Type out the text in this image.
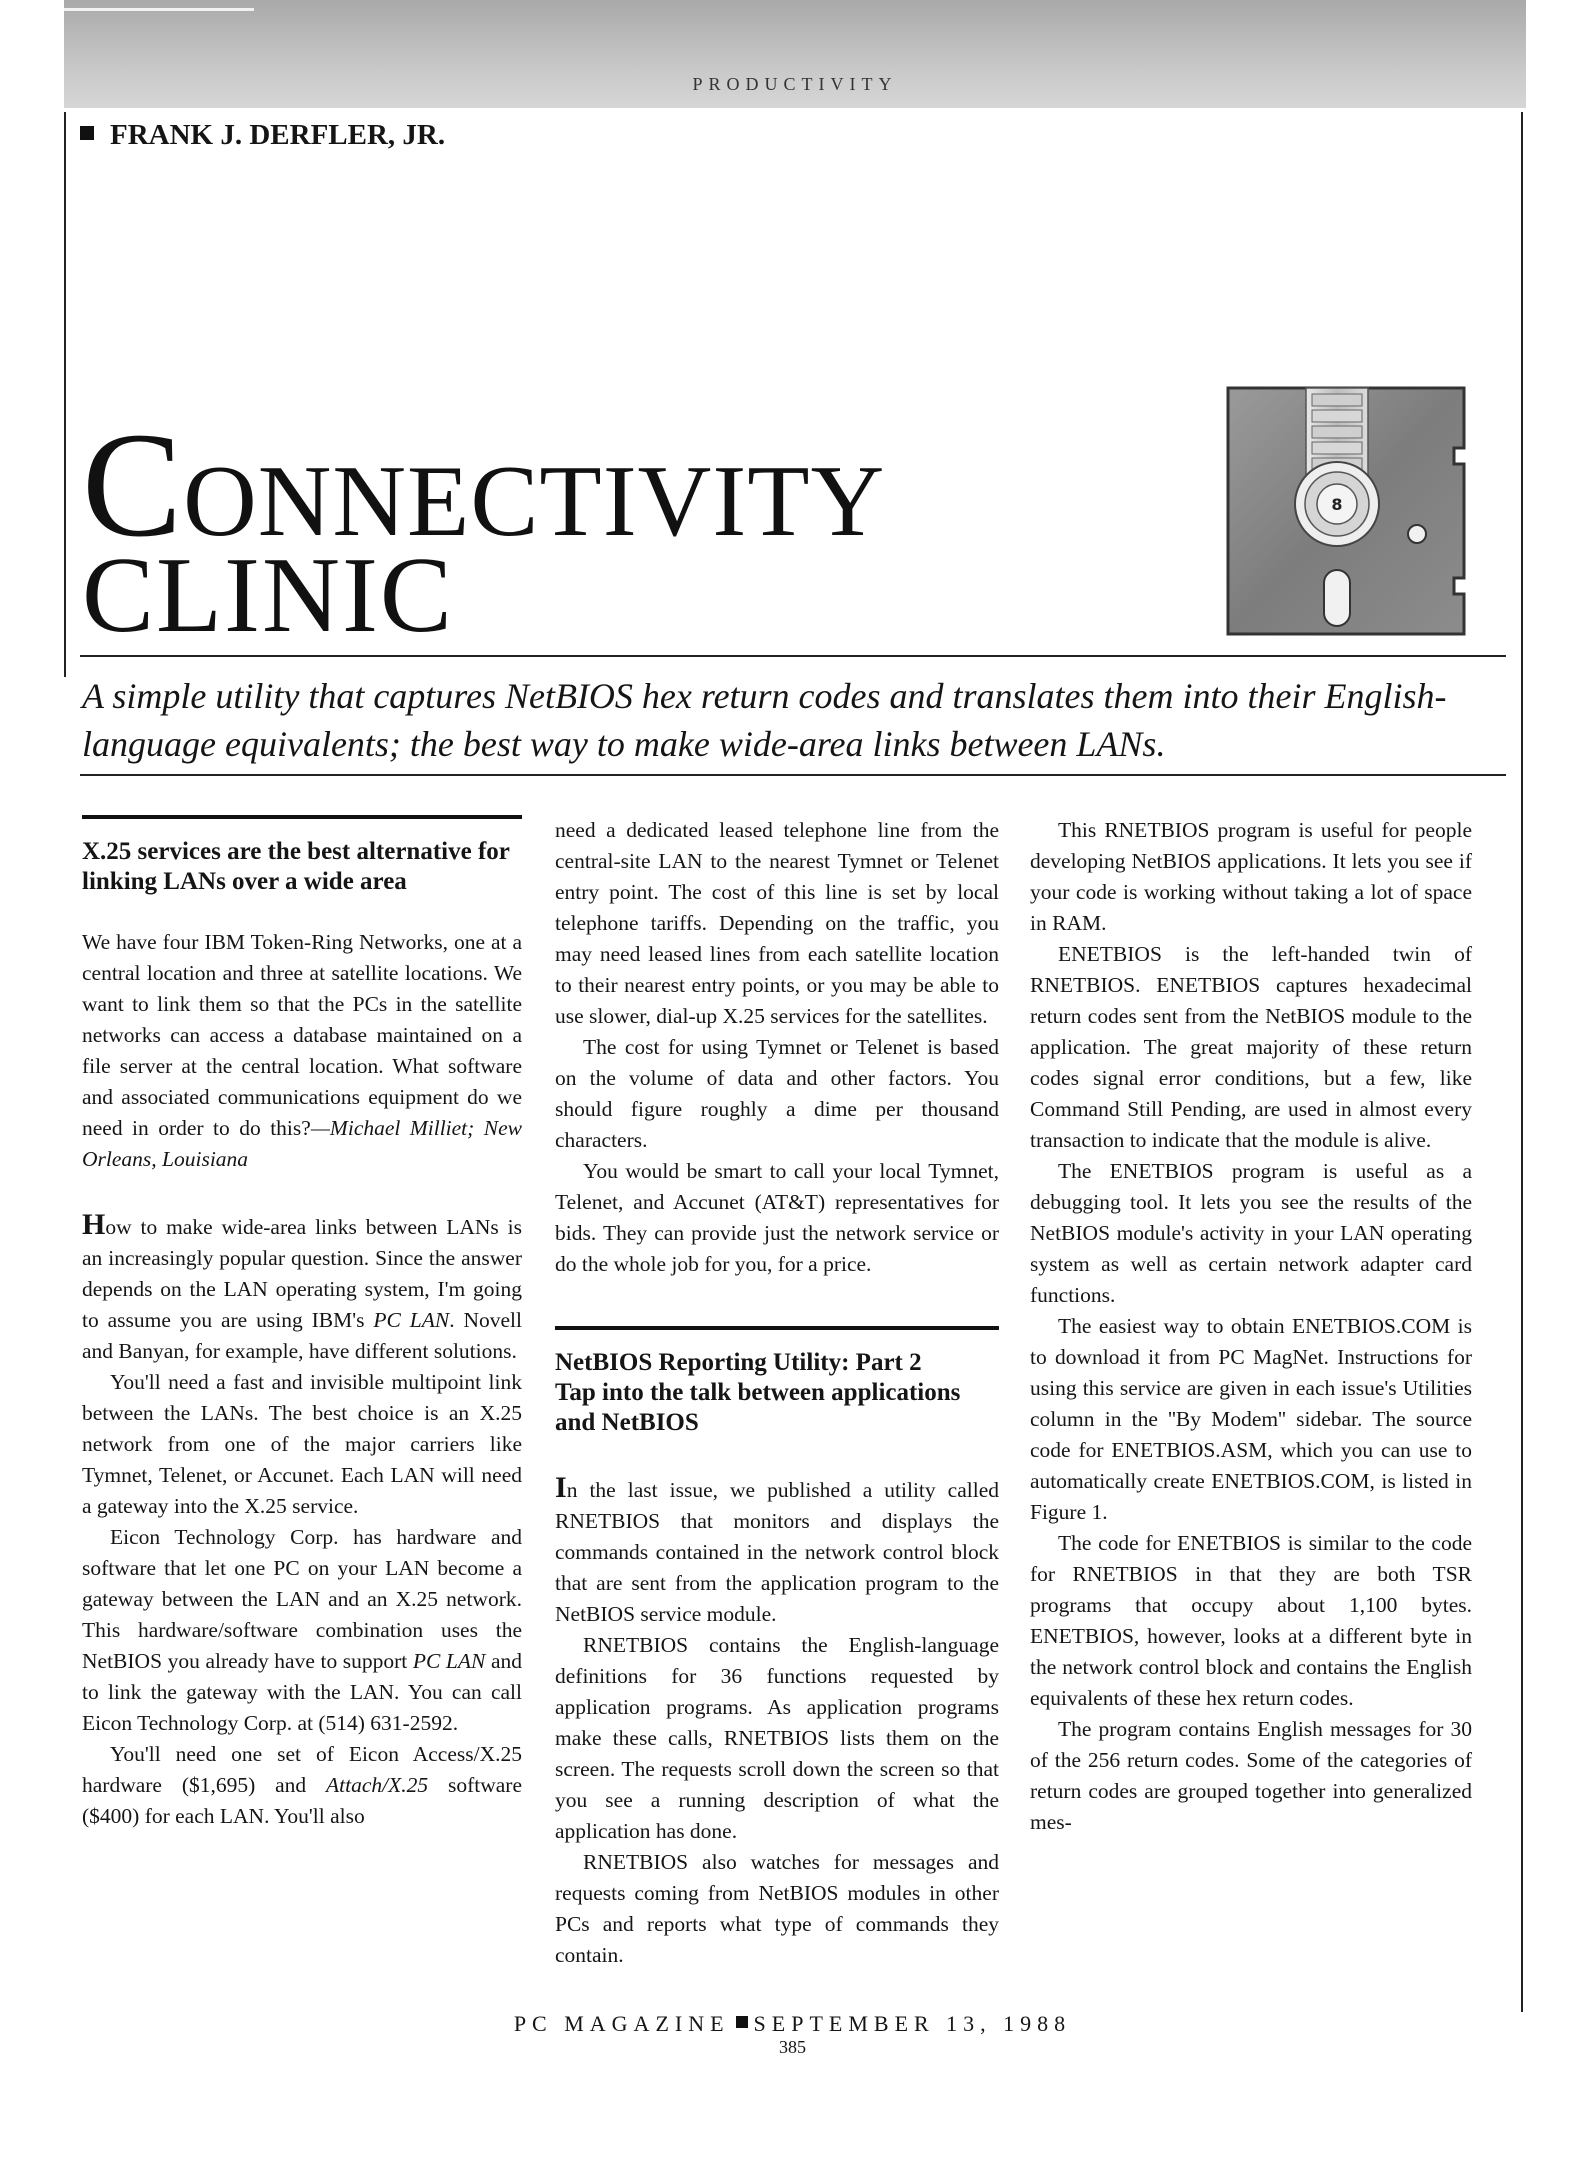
PRODUCTIVITY
FRANK J. DERFLER, JR.
CONNECTIVITY
CLINIC
8
A simple utility that captures NetBIOS hex return codes and translates them into their English-language equivalents; the best way to make wide-area links between LANs.
X.25 services are the best alternative for linking LANs over a wide area

We have four IBM Token-Ring Networks, one at a central location and three at satellite locations. We want to link them so that the PCs in the satellite networks can access a database maintained on a file server at the central location. What software and associated communications equipment do we need in order to do this?—Michael Milliet; New Orleans, Louisiana

How to make wide-area links between LANs is an increasingly popular question. Since the answer depends on the LAN operating system, I'm going to assume you are using IBM's PC LAN. Novell and Banyan, for example, have different solutions.

You'll need a fast and invisible multipoint link between the LANs. The best choice is an X.25 network from one of the major carriers like Tymnet, Telenet, or Accunet. Each LAN will need a gateway into the X.25 service.

Eicon Technology Corp. has hardware and software that let one PC on your LAN become a gateway between the LAN and an X.25 network. This hardware/software combination uses the NetBIOS you already have to support PC LAN and to link the gateway with the LAN. You can call Eicon Technology Corp. at (514) 631-2592.

You'll need one set of Eicon Access/X.25 hardware ($1,695) and Attach/X.25 software ($400) for each LAN. You'll also

need a dedicated leased telephone line from the central-site LAN to the nearest Tymnet or Telenet entry point. The cost of this line is set by local telephone tariffs. Depending on the traffic, you may need leased lines from each satellite location to their nearest entry points, or you may be able to use slower, dial-up X.25 services for the satellites.

The cost for using Tymnet or Telenet is based on the volume of data and other factors. You should figure roughly a dime per thousand characters.

You would be smart to call your local Tymnet, Telenet, and Accunet (AT&T) representatives for bids. They can provide just the network service or do the whole job for you, for a price.

NetBIOS Reporting Utility: Part 2
Tap into the talk between applications and NetBIOS

In the last issue, we published a utility called RNETBIOS that monitors and displays the commands contained in the network control block that are sent from the application program to the NetBIOS service module.

RNETBIOS contains the English-language definitions for 36 functions requested by application programs. As application programs make these calls, RNETBIOS lists them on the screen. The requests scroll down the screen so that you see a running description of what the application has done.

RNETBIOS also watches for messages and requests coming from NetBIOS modules in other PCs and reports what type of commands they contain.

This RNETBIOS program is useful for people developing NetBIOS applications. It lets you see if your code is working without taking a lot of space in RAM.

ENETBIOS is the left-handed twin of RNETBIOS. ENETBIOS captures hexadecimal return codes sent from the NetBIOS module to the application. The great majority of these return codes signal error conditions, but a few, like Command Still Pending, are used in almost every transaction to indicate that the module is alive.

The ENETBIOS program is useful as a debugging tool. It lets you see the results of the NetBIOS module's activity in your LAN operating system as well as certain network adapter card functions.

The easiest way to obtain ENETBIOS.COM is to download it from PC MagNet. Instructions for using this service are given in each issue's Utilities column in the ''By Modem'' sidebar. The source code for ENETBIOS.ASM, which you can use to automatically create ENETBIOS.COM, is listed in Figure 1.

The code for ENETBIOS is similar to the code for RNETBIOS in that they are both TSR programs that occupy about 1,100 bytes. ENETBIOS, however, looks at a different byte in the network control block and contains the English equivalents of these hex return codes.

The program contains English messages for 30 of the 256 return codes. Some of the categories of return codes are grouped together into generalized mes-

PC MAGAZINE SEPTEMBER 13, 1988
385
